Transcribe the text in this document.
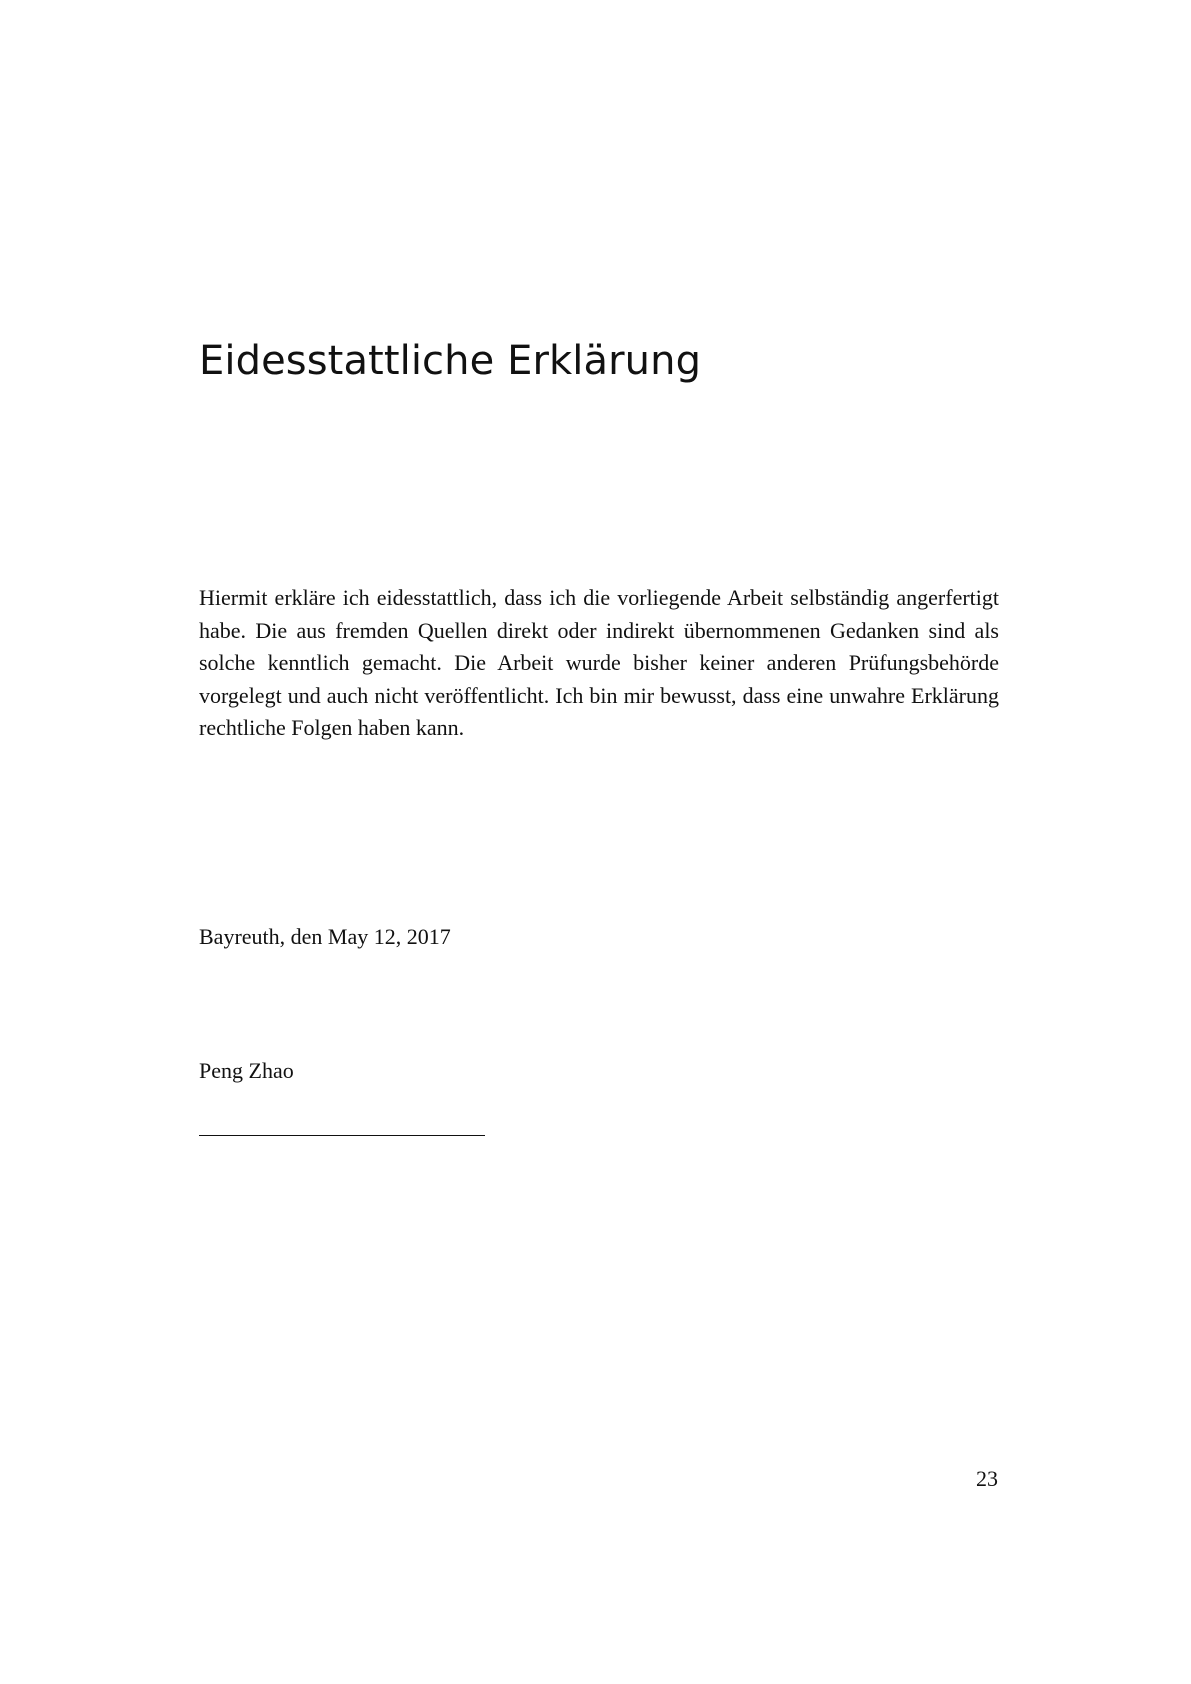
Eidesstattliche Erklärung

Hiermit erkläre ich eidesstattlich, dass ich die vorliegende Arbeit selbständig angerfertigt habe. Die aus fremden Quellen direkt oder indirekt übernommenen Gedanken sind als solche kenntlich gemacht. Die Arbeit wurde bisher keiner anderen Prüfungsbehörde vorgelegt und auch nicht veröffentlicht. Ich bin mir bewusst, dass eine unwahre Erklärung rechtliche Folgen haben kann.

Bayreuth, den May 12, 2017

Peng Zhao

23
